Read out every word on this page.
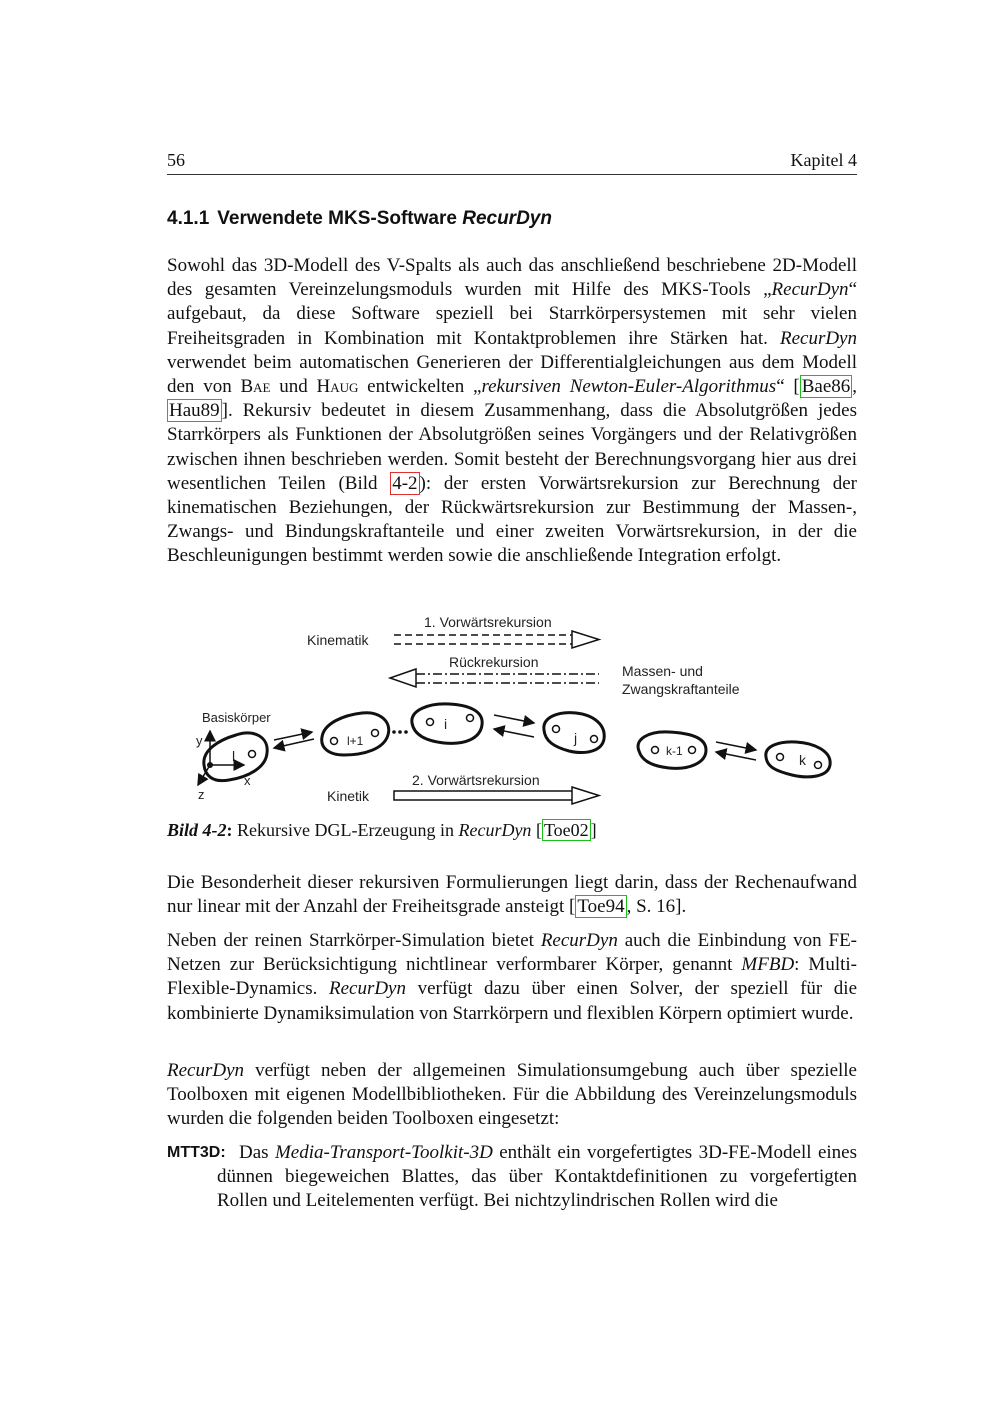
56	Kapitel 4
4.1.1 Verwendete MKS-Software RecurDyn

Sowohl das 3D-Modell des V-Spalts als auch das anschließend beschriebene 2D-Modell des gesamten Vereinzelungsmoduls wurden mit Hilfe des MKS-Tools „RecurDyn“ aufgebaut, da diese Software speziell bei Starrkörpersystemen mit sehr vielen Freiheitsgraden in Kombination mit Kontaktproblemen ihre Stärken hat. RecurDyn verwendet beim automatischen Generieren der Differentialgleichungen aus dem Modell den von Bae und Haug entwickelten „rekursiven Newton-Euler-Algorithmus“ [ Bae86 , Hau89 ]. Rekursiv bedeutet in diesem Zusammenhang, dass die Absolutgrößen jedes Starrkörpers als Funktionen der Absolutgrößen seines Vorgängers und der Relativgrößen zwischen ihnen beschrieben werden. Somit besteht der Berechnungsvorgang hier aus drei wesentlichen Teilen (Bild 4-2 ): der ersten Vorwärtsrekursion zur Berechnung der kinematischen Beziehungen, der Rückwärtsrekursion zur Bestimmung der Massen-, Zwangs- und Bindungskraftanteile und einer zweiten Vorwärtsrekursion, in der die Beschleunigungen bestimmt werden sowie die anschließende Integration erfolgt.

1. Vorwärtsrekursion
Kinematik
Rückrekursion
Massen- und
Zwangskraftanteile
Basiskörper
l
y
x
z
l+1
i
j
k-1
k
2. Vorwärtsrekursion
Kinetik
Bild 4-2: Rekursive DGL-Erzeugung in RecurDyn [ Toe02 ]

Die Besonderheit dieser rekursiven Formulierungen liegt darin, dass der Rechenaufwand nur linear mit der Anzahl der Freiheitsgrade ansteigt [ Toe94 , S. 16].

Neben der reinen Starrkörper-Simulation bietet RecurDyn auch die Einbindung von FE-Netzen zur Berücksichtigung nichtlinear verformbarer Körper, genannt MFBD: Multi-Flexible-Dynamics. RecurDyn verfügt dazu über einen Solver, der speziell für die kombinierte Dynamiksimulation von Starrkörpern und flexiblen Körpern optimiert wurde.

RecurDyn verfügt neben der allgemeinen Simulationsumgebung auch über spezielle Toolboxen mit eigenen Modellbibliotheken. Für die Abbildung des Vereinzelungsmoduls wurden die folgenden beiden Toolboxen eingesetzt:

MTT3D: Das Media-Transport-Toolkit-3D enthält ein vorgefertigtes 3D-FE-Modell eines dünnen biegeweichen Blattes, das über Kontaktdefinitionen zu vorgefertigten Rollen und Leitelementen verfügt. Bei nichtzylindrischen Rollen wird die
